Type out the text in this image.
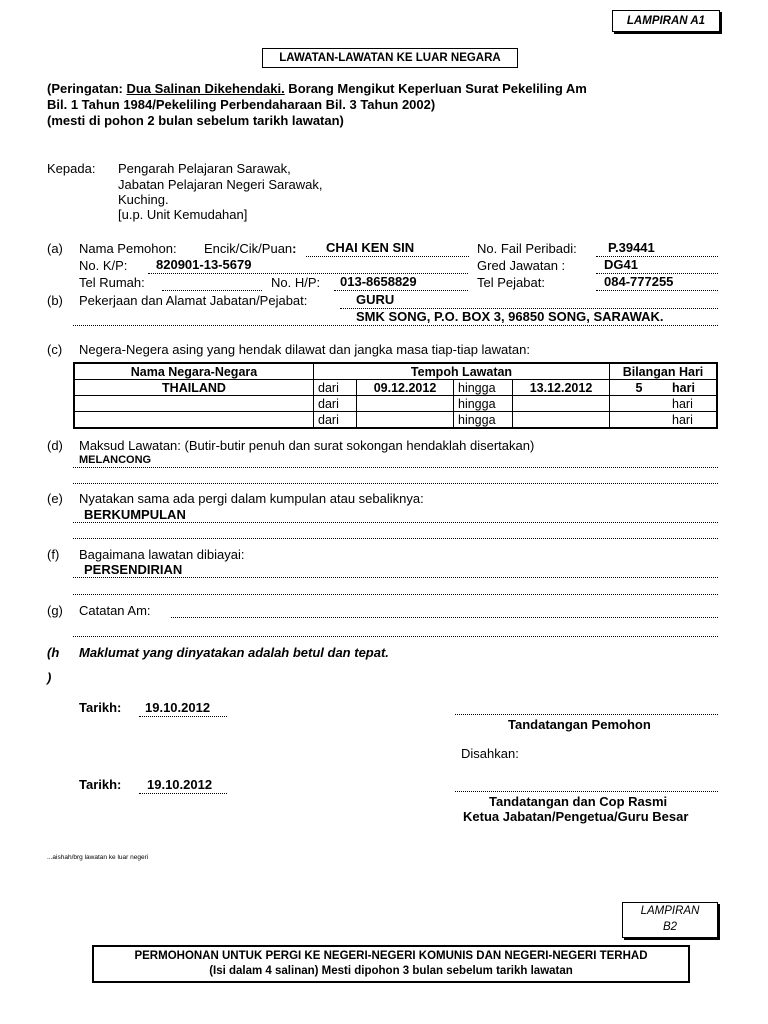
LAMPIRAN A1
LAWATAN-LAWATAN KE LUAR NEGARA
(Peringatan: Dua Salinan Dikehendaki. Borang Mengikut Keperluan Surat Pekeliling Am
Bil. 1 Tahun 1984/Pekeliling Perbendaharaan Bil. 3 Tahun 2002)
(mesti di pohon 2 bulan sebelum tarikh lawatan)
Kepada: Pengarah Pelajaran Sarawak,
Jabatan Pelajaran Negeri Sarawak,
Kuching.
[u.p. Unit Kemudahan]
(a) Nama Pemohon: Encik/Cik/Puan: CHAI KEN SIN	No. Fail Peribadi: P.39441
No. K/P: 820901-13-5679	Gred Jawatan :	DG41
Tel Rumah:	No. H/P: 013-8658829	Tel Pejabat:	084-777255
(b) Pekerjaan dan Alamat Jabatan/Pejabat:	GURU
SMK SONG, P.O. BOX 3, 96850 SONG, SARAWAK.
(c) Negera-Negera asing yang hendak dilawat dan jangka masa tiap-tiap lawatan:
Nama Negara-Negara	Tempoh Lawatan				Bilangan Hari	
THAILAND	dari	09.12.2012	hingga	13.12.2012	5	hari
	dari		hingga			hari
	dari		hingga			hari
(d) Maksud Lawatan: (Butir-butir penuh dan surat sokongan hendaklah disertakan)
MELANCONG
(e) Nyatakan sama ada pergi dalam kumpulan atau sebaliknya:
BERKUMPULAN
(f) Bagaimana lawatan dibiayai:
PERSENDIRIAN
(g) Catatan Am:
(h
)
Maklumat yang dinyatakan adalah betul dan tepat.
Tarikh: 19.10.2012
Tandatangan Pemohon
Disahkan:
Tarikh: 19.10.2012
Tandatangan dan Cop Rasmi
Ketua Jabatan/Pengetua/Guru Besar
...aishah/brg lawatan ke luar negeri
LAMPIRAN
B2
PERMOHONAN UNTUK PERGI KE NEGERI-NEGERI KOMUNIS DAN NEGERI-NEGERI TERHAD
(Isi dalam 4 salinan) Mesti dipohon 3 bulan sebelum tarikh lawatan
